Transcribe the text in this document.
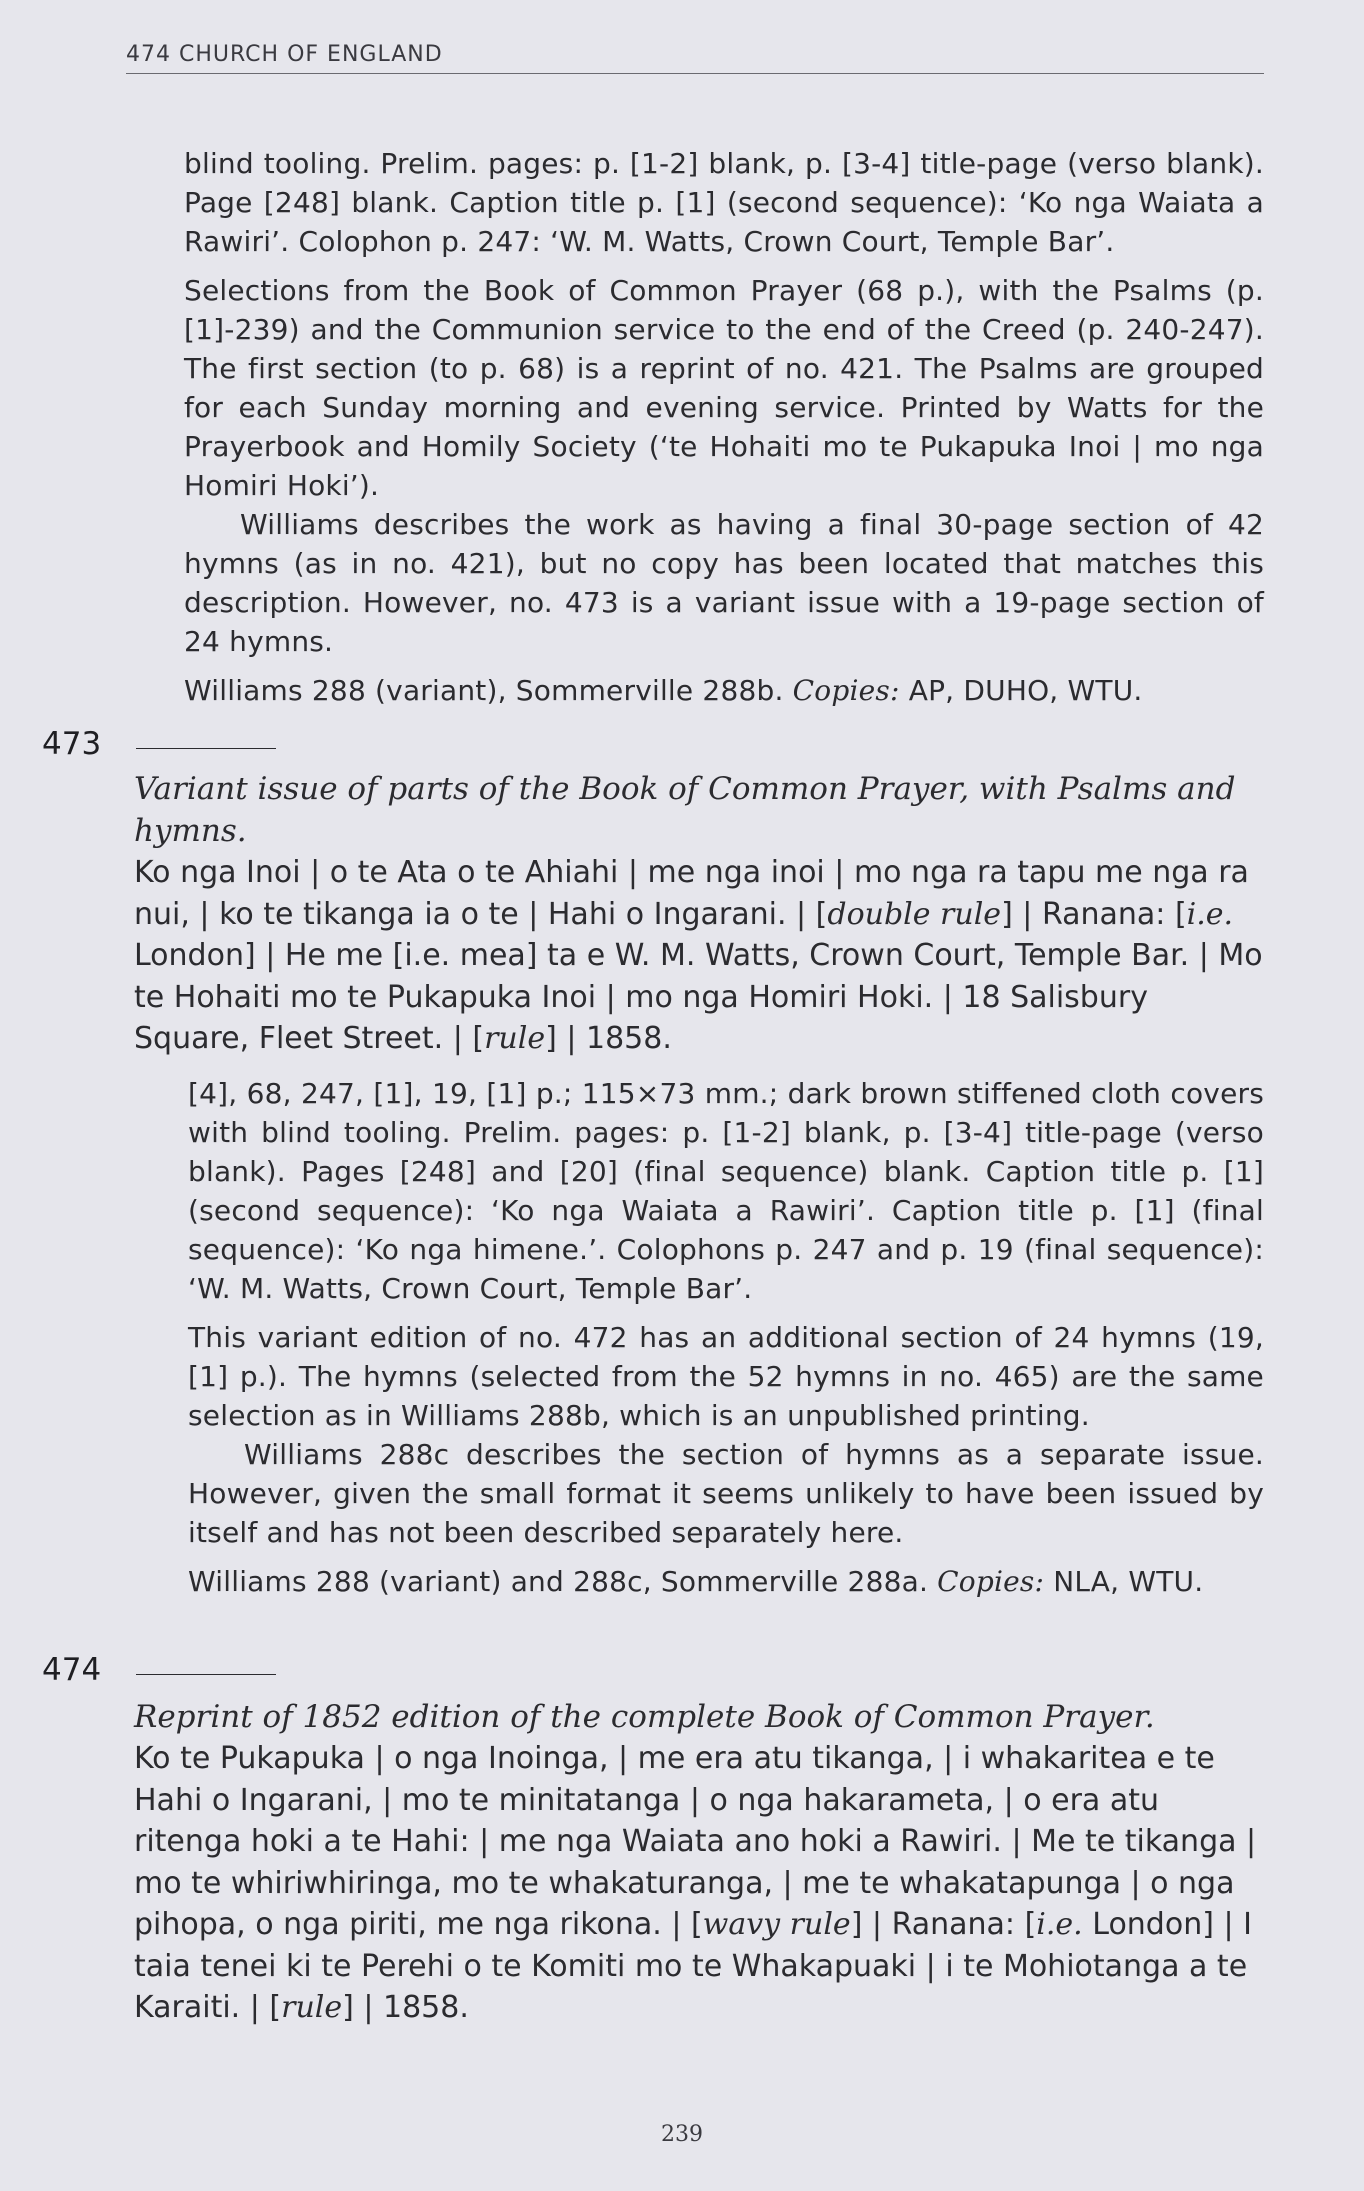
474 CHURCH OF ENGLAND

blind tooling. Prelim. pages: p. [1-2] blank, p. [3-4] title-page (verso blank). Page [248] blank. Caption title p. [1] (second sequence): ‘Ko nga Waiata a Rawiri’. Colophon p. 247: ‘W. M. Watts, Crown Court, Temple Bar’.

Selections from the Book of Common Prayer (68 p.), with the Psalms (p. [1]-239) and the Communion service to the end of the Creed (p. 240-247). The first section (to p. 68) is a reprint of no. 421. The Psalms are grouped for each Sunday morning and evening service. Printed by Watts for the Prayerbook and Homily Society (‘te Hohaiti mo te Pukapuka Inoi | mo nga Homiri Hoki’).

Williams describes the work as having a final 30-page section of 42 hymns (as in no. 421), but no copy has been located that matches this description. However, no. 473 is a variant issue with a 19-page section of 24 hymns.

Williams 288 (variant), Sommerville 288b. Copies: AP, DUHO, WTU.

473

Variant issue of parts of the Book of Common Prayer, with Psalms and hymns.

Ko nga Inoi | o te Ata o te Ahiahi | me nga inoi | mo nga ra tapu me nga ra nui, | ko te tikanga ia o te | Hahi o Ingarani. | [double rule] | Ranana: [i.e. London] | He me [i.e. mea] ta e W. M. Watts, Crown Court, Temple Bar. | Mo te Hohaiti mo te Pukapuka Inoi | mo nga Homiri Hoki. | 18 Salisbury Square, Fleet Street. | [rule] | 1858.

[4], 68, 247, [1], 19, [1] p.; 115×73 mm.; dark brown stiffened cloth covers with blind tooling. Prelim. pages: p. [1-2] blank, p. [3-4] title-page (verso blank). Pages [248] and [20] (final sequence) blank. Caption title p. [1] (second sequence): ‘Ko nga Waiata a Rawiri’. Caption title p. [1] (final sequence): ‘Ko nga himene.’. Colophons p. 247 and p. 19 (final sequence): ‘W. M. Watts, Crown Court, Temple Bar’.

This variant edition of no. 472 has an additional section of 24 hymns (19, [1] p.). The hymns (selected from the 52 hymns in no. 465) are the same selection as in Williams 288b, which is an unpublished printing.

Williams 288c describes the section of hymns as a separate issue. However, given the small format it seems unlikely to have been issued by itself and has not been described separately here.

Williams 288 (variant) and 288c, Sommerville 288a. Copies: NLA, WTU.

474

Reprint of 1852 edition of the complete Book of Common Prayer.

Ko te Pukapuka | o nga Inoinga, | me era atu tikanga, | i whakaritea e te Hahi o Ingarani, | mo te minitatanga | o nga hakarameta, | o era atu ritenga hoki a te Hahi: | me nga Waiata ano hoki a Rawiri. | Me te tikanga | mo te whiriwhiringa, mo te whakaturanga, | me te whakatapunga | o nga pihopa, o nga piriti, me nga rikona. | [wavy rule] | Ranana: [i.e. London] | I taia tenei ki te Perehi o te Komiti mo te Whakapuaki | i te Mohiotanga a te Karaiti. | [rule] | 1858.

239
